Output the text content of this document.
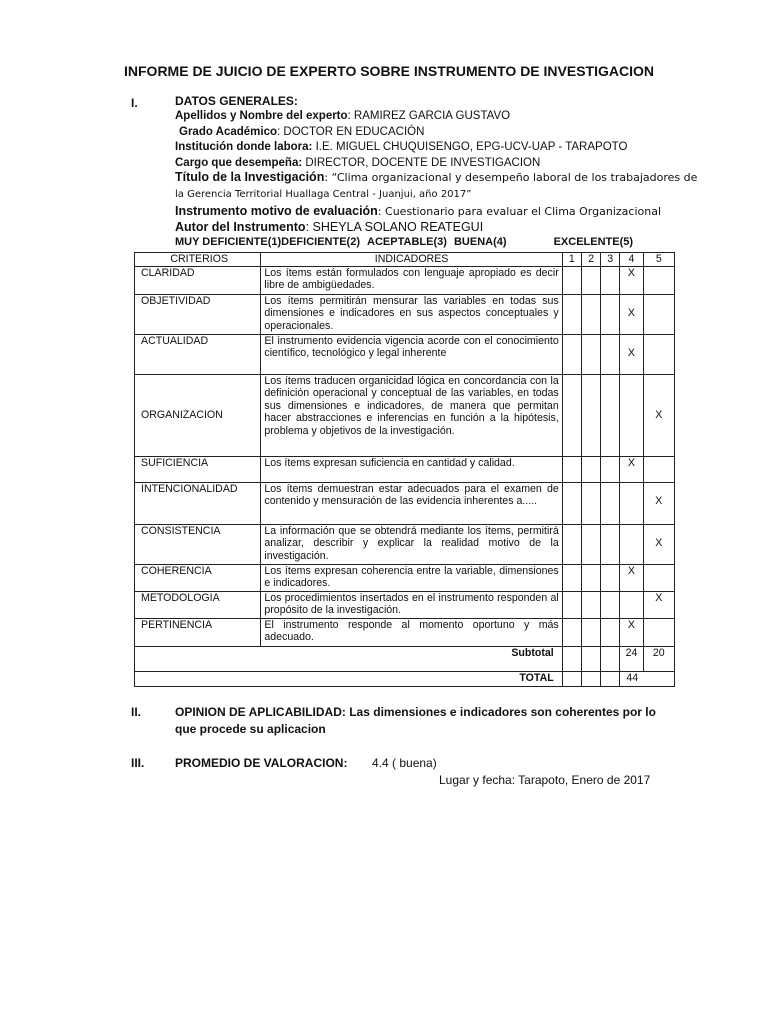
INFORME DE JUICIO DE EXPERTO SOBRE INSTRUMENTO DE INVESTIGACION
I.	DATOS GENERALES:
Apellidos y Nombre del experto: RAMIREZ GARCIA GUSTAVO
Grado Académico: DOCTOR EN EDUCACIÓN
Institución donde labora: I.E. MIGUEL CHUQUISENGO, EPG-UCV-UAP - TARAPOTO
Cargo que desempeña: DIRECTOR, DOCENTE DE INVESTIGACION
Título de la Investigación: “Clima organizacional y desempeño laboral de los trabajadores de
la Gerencia Territorial Huallaga Central - Juanjui, año 2017”
Instrumento motivo de evaluación: Cuestionario para evaluar el Clima Organizacional
Autor del Instrumento: SHEYLA SOLANO REATEGUI
MUY DEFICIENTE(1)DEFICIENTE(2) ACEPTABLE(3) BUENA(4)	EXCELENTE(5)
CRITERIOS	INDICADORES	1	2	3	4	5
CLARIDAD	Los ítems están formulados con lenguaje apropiado es decir libre de ambigüedades.				X	
OBJETIVIDAD	Los ítems permitirán mensurar las variables en todas sus dimensiones e indicadores en sus aspectos conceptuales y operacionales.				X	
ACTUALIDAD	El instrumento evidencia vigencia acorde con el conocimiento científico, tecnológico y legal inherente				X	
ORGANIZACION	Los ítems traducen organicidad lógica en concordancia con la definición operacional y conceptual de las variables, en todas sus dimensiones e indicadores, de manera que permitan hacer abstracciones e inferencias en función a la hipótesis, problema y objetivos de la investigación.					X
SUFICIENCIA	Los ítems expresan suficiencia en cantidad y calidad.				X	
INTENCIONALIDAD	Los ítems demuestran estar adecuados para el examen de contenido y mensuración de las evidencia inherentes a.....					X
CONSISTENCIA	La información que se obtendrá mediante los ítems, permitirá analizar, describir y explicar la realidad motivo de la investigación.					X
COHERENCIA	Los ítems expresan coherencia entre la variable, dimensiones e indicadores.				X	
METODOLOGIA	Los procedimientos insertados en el instrumento responden al propósito de la investigación.					X
PERTINENCIA	El instrumento responde al momento oportuno y más adecuado.				X	
Subtotal					24	20
TOTAL					44	
II.	OPINION DE APLICABILIDAD: Las dimensiones e indicadores son coherentes por lo que procede su aplicacion
III.	PROMEDIO DE VALORACION: 4.4 ( buena)
Lugar y fecha: Tarapoto, Enero de 2017
